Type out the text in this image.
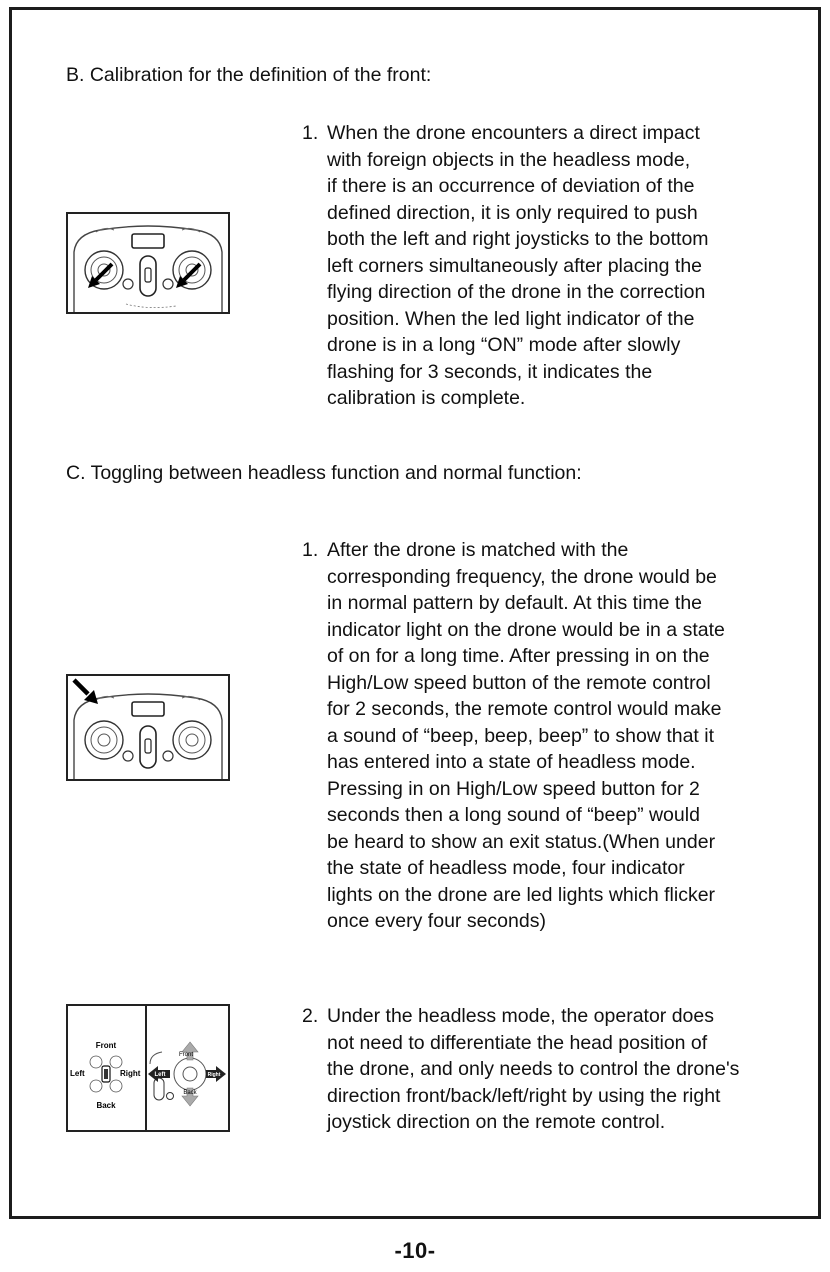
B. Calibration for the definition of the front:
1. When the drone encounters a direct impact
with foreign objects in the headless mode,
if there is an occurrence of deviation of the
defined direction, it is only required to push
both the left and right joysticks to the bottom
left corners simultaneously after placing the
flying direction of the drone in the correction
position. When the led light indicator of the
drone is in a long “ON” mode after slowly
flashing for 3 seconds, it indicates the
calibration is complete.
C. Toggling between headless function and normal function:
1. After the drone is matched with the
corresponding frequency, the drone would be
in normal pattern by default. At this time the
indicator light on the drone would be in a state
of on for a long time. After pressing in on the
High/Low speed button of the remote control
for 2 seconds, the remote control would make
a sound of “beep, beep, beep” to show that it
has entered into a state of headless mode.
Pressing in on High/Low speed button for 2
seconds then a long sound of “beep” would
be heard to show an exit status.(When under
the state of headless mode, four indicator
lights on the drone are led lights which flicker
once every four seconds)
2. Under the headless mode, the operator does
not need to differentiate the head position of
the drone, and only needs to control the drone's
direction front/back/left/right by using the right
joystick direction on the remote control.
Front
Left	Right
Back
Front
Back
Left	Right
-10-
